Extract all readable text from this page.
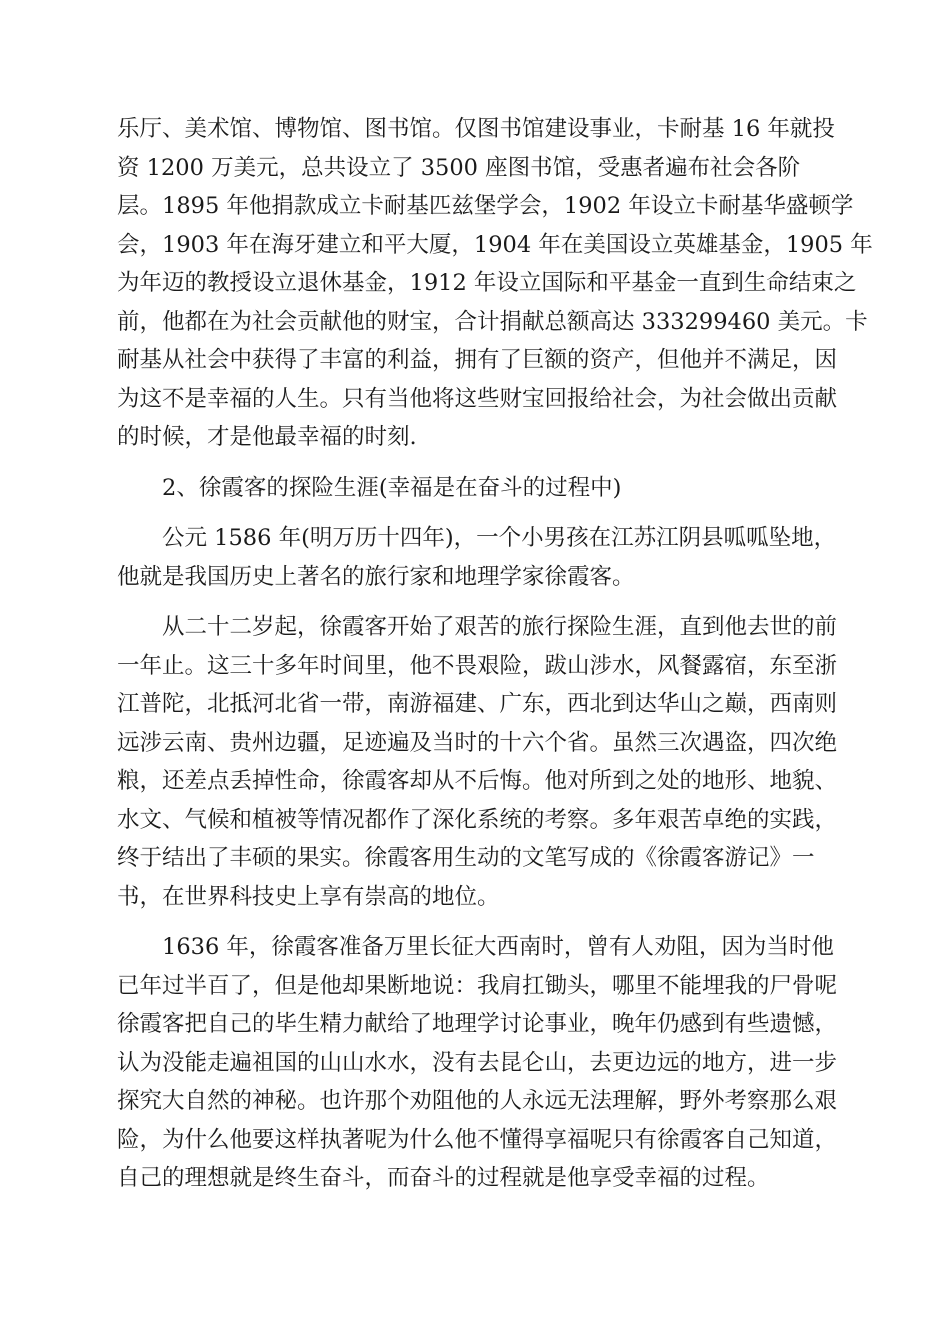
乐厅、美术馆、博物馆、图书馆。仅图书馆建设事业，卡耐基 16 年就投
资 1200 万美元，总共设立了 3500 座图书馆，受惠者遍布社会各阶
层。1895 年他捐款成立卡耐基匹兹堡学会，1902 年设立卡耐基华盛顿学
会，1903 年在海牙建立和平大厦，1904 年在美国设立英雄基金，1905 年
为年迈的教授设立退休基金，1912 年设立国际和平基金一直到生命结束之
前，他都在为社会贡献他的财宝，合计捐献总额高达 333299460 美元。卡
耐基从社会中获得了丰富的利益，拥有了巨额的资产，但他并不满足，因
为这不是幸福的人生。只有当他将这些财宝回报给社会，为社会做出贡献
的时候，才是他最幸福的时刻.

2、徐霞客的探险生涯(幸福是在奋斗的过程中)

公元 1586 年(明万历十四年)，一个小男孩在江苏江阴县呱呱坠地，
他就是我国历史上著名的旅行家和地理学家徐霞客。

从二十二岁起，徐霞客开始了艰苦的旅行探险生涯，直到他去世的前
一年止。这三十多年时间里，他不畏艰险，跋山涉水，风餐露宿，东至浙
江普陀，北抵河北省一带，南游福建、广东，西北到达华山之巅，西南则
远涉云南、贵州边疆，足迹遍及当时的十六个省。虽然三次遇盗，四次绝
粮，还差点丢掉性命，徐霞客却从不后悔。他对所到之处的地形、地貌、
水文、气候和植被等情况都作了深化系统的考察。多年艰苦卓绝的实践，
终于结出了丰硕的果实。徐霞客用生动的文笔写成的《徐霞客游记》一
书，在世界科技史上享有崇高的地位。

1636 年，徐霞客准备万里长征大西南时，曾有人劝阻，因为当时他
已年过半百了，但是他却果断地说：我肩扛锄头，哪里不能埋我的尸骨呢
徐霞客把自己的毕生精力献给了地理学讨论事业，晚年仍感到有些遗憾，
认为没能走遍祖国的山山水水，没有去昆仑山，去更边远的地方，进一步
探究大自然的神秘。也许那个劝阻他的人永远无法理解，野外考察那么艰
险，为什么他要这样执著呢为什么他不懂得享福呢只有徐霞客自己知道，
自己的理想就是终生奋斗，而奋斗的过程就是他享受幸福的过程。
